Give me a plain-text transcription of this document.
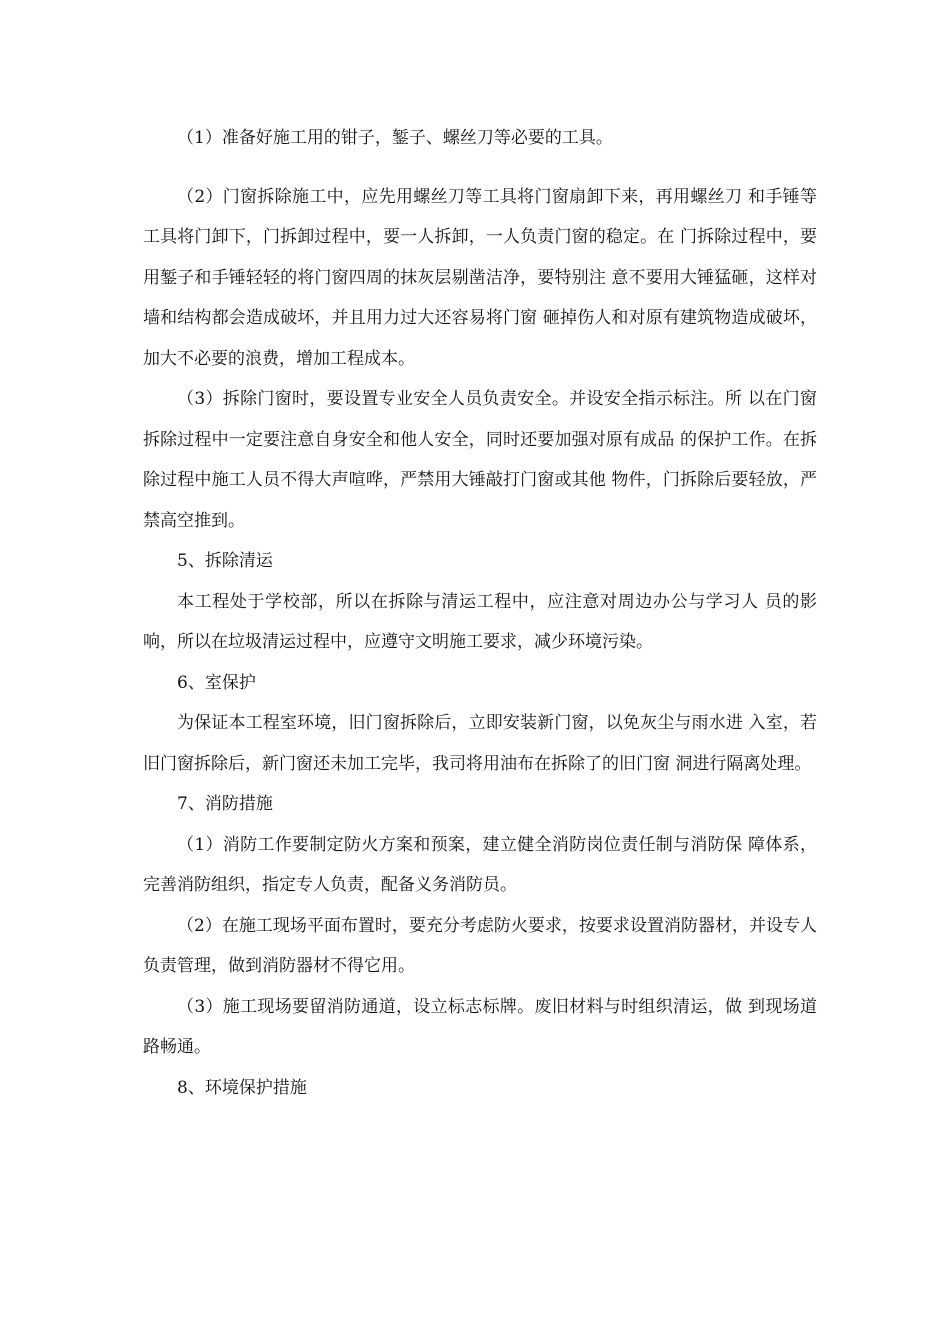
（1）准备好施工用的钳子，錾子、螺丝刀等必要的工具。

（2）门窗拆除施工中，应先用螺丝刀等工具将门窗扇卸下来，再用螺丝刀 和手锤等工具将门卸下，门拆卸过程中，要一人拆卸，一人负责门窗的稳定。在 门拆除过程中，要用錾子和手锤轻轻的将门窗四周的抹灰层剔凿洁净，要特别注 意不要用大锤猛砸，这样对墙和结构都会造成破坏，并且用力过大还容易将门窗 砸掉伤人和对原有建筑物造成破坏，加大不必要的浪费，增加工程成本。

（3）拆除门窗时，要设置专业安全人员负责安全。并设安全指示标注。所 以在门窗拆除过程中一定要注意自身安全和他人安全，同时还要加强对原有成品 的保护工作。在拆除过程中施工人员不得大声喧哗，严禁用大锤敲打门窗或其他 物件，门拆除后要轻放，严禁高空推到。

5、拆除清运

本工程处于学校部，所以在拆除与清运工程中，应注意对周边办公与学习人 员的影响，所以在垃圾清运过程中，应遵守文明施工要求，减少环境污染。

6、室保护

为保证本工程室环境，旧门窗拆除后，立即安装新门窗，以免灰尘与雨水进 入室，若旧门窗拆除后，新门窗还未加工完毕，我司将用油布在拆除了的旧门窗 洞进行隔离处理。

7、消防措施

（1）消防工作要制定防火方案和预案，建立健全消防岗位责任制与消防保 障体系，完善消防组织，指定专人负责，配备义务消防员。

（2）在施工现场平面布置时，要充分考虑防火要求，按要求设置消防器材，并设专人负责管理，做到消防器材不得它用。

（3）施工现场要留消防通道，设立标志标牌。废旧材料与时组织清运，做 到现场道路畅通。

8、环境保护措施
